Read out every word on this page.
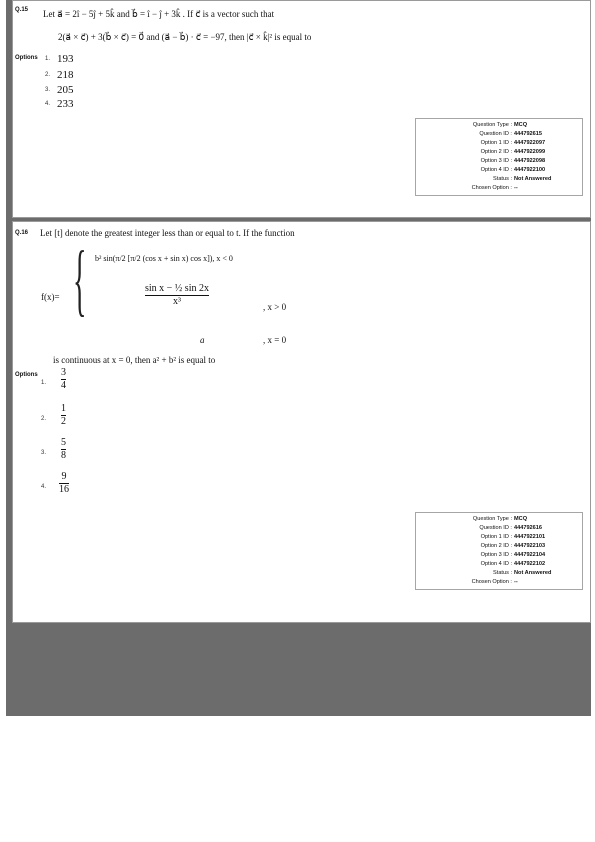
Q.15 Let a⃗ = 2î − 5ĵ + 5k̂ and b⃗ = î − ĵ + 3k̂ . If c⃗ is a vector such that
2(a⃗ × c⃗) + 3(b⃗ × c⃗) = 0⃗ and (a⃗ − b⃗) · c⃗ = −97, then |c⃗ × k̂|² is equal to
Options 1. 193
2. 218
3. 205
4. 233
Question Type : MCQ
Question ID : 444792615
Option 1 ID : 4447922097
Option 2 ID : 4447922099
Option 3 ID : 4447922098
Option 4 ID : 4447922100
Status : Not Answered
Chosen Option : --
Q.16 Let [t] denote the greatest integer less than or equal to t. If the function
f(x)= { b² sin(π/2 [π/2 (cos x + sin x) cos x]), x < 0
sin x − ½ sin 2x
x³	, x > 0
a	, x = 0
is continuous at x = 0, then a² + b² is equal to
Options
1.
3
4
2.
1
2
3.
5
8
4.
9
16
Question Type : MCQ
Question ID : 444792616
Option 1 ID : 4447922101
Option 2 ID : 4447922103
Option 3 ID : 4447922104
Option 4 ID : 4447922102
Status : Not Answered
Chosen Option : --
